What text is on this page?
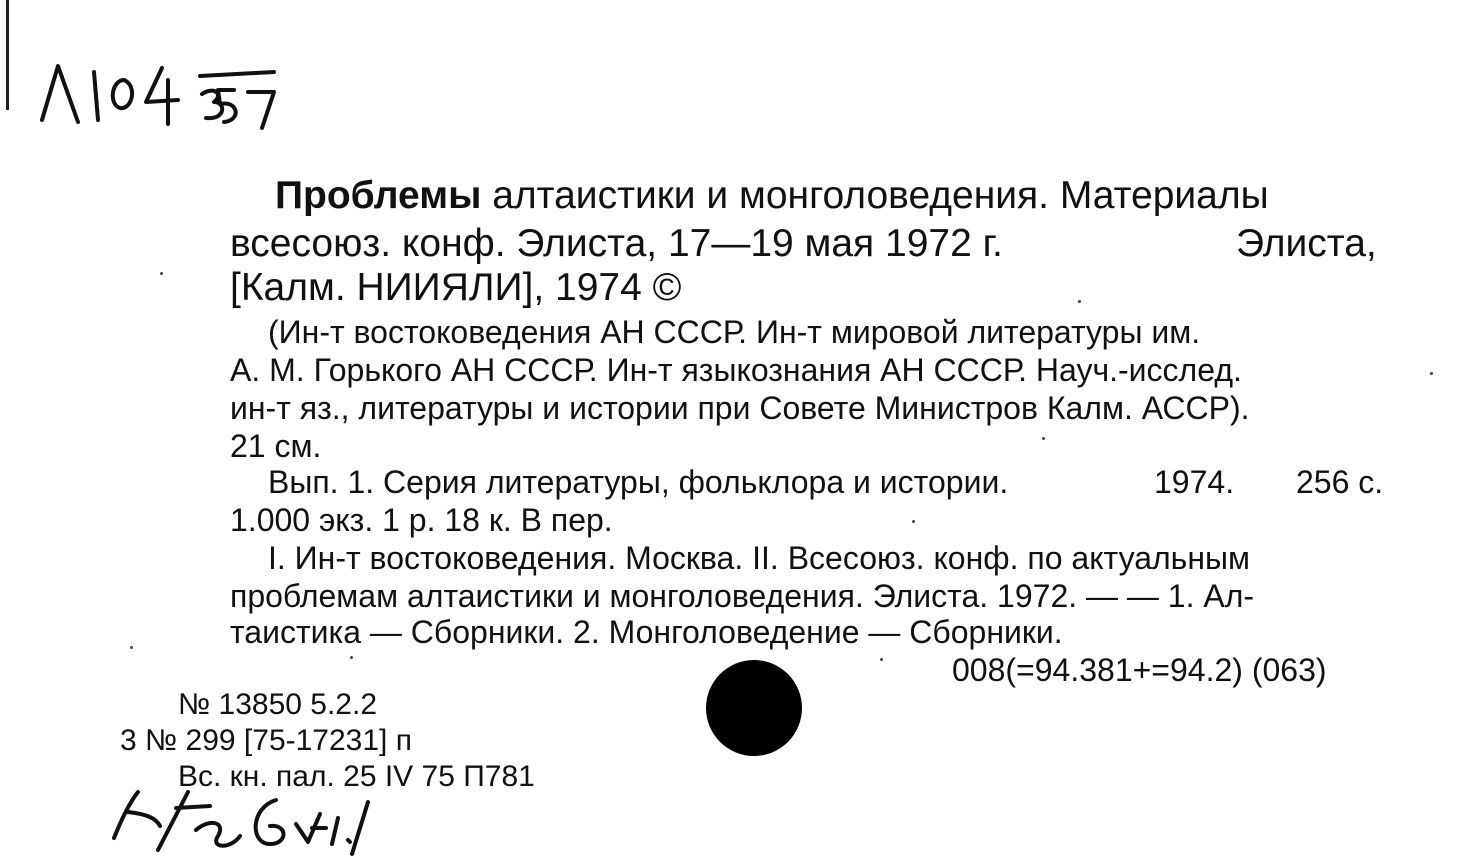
Проблемы алтаистики и монголоведения. Материалы
всесоюз. конф. Элиста, 17—19 мая 1972 г.	Элиста,
[Калм. НИИЯЛИ], 1974 ©
(Ин-т востоковедения АН СССР. Ин-т мировой литературы им.
А. М. Горького АН СССР. Ин-т языкознания АН СССР. Науч.-исслед.
ин-т яз., литературы и истории при Совете Министров Калм. АССР).
21 см.
Вып. 1. Серия литературы, фольклора и истории.	1974. 256 с.
1.000 экз. 1 р. 18 к. В пер.
I. Ин-т востоковедения. Москва. II. Всесоюз. конф. по актуальным
проблемам алтаистики и монголоведения. Элиста. 1972. — — 1. Ал-
таистика — Сборники. 2. Монголоведение — Сборники.
008(=94.381+=94.2) (063)
№ 13850 5.2.2
3 № 299 [75-17231] п
Вс. кн. пал. 25 IV 75 П781
